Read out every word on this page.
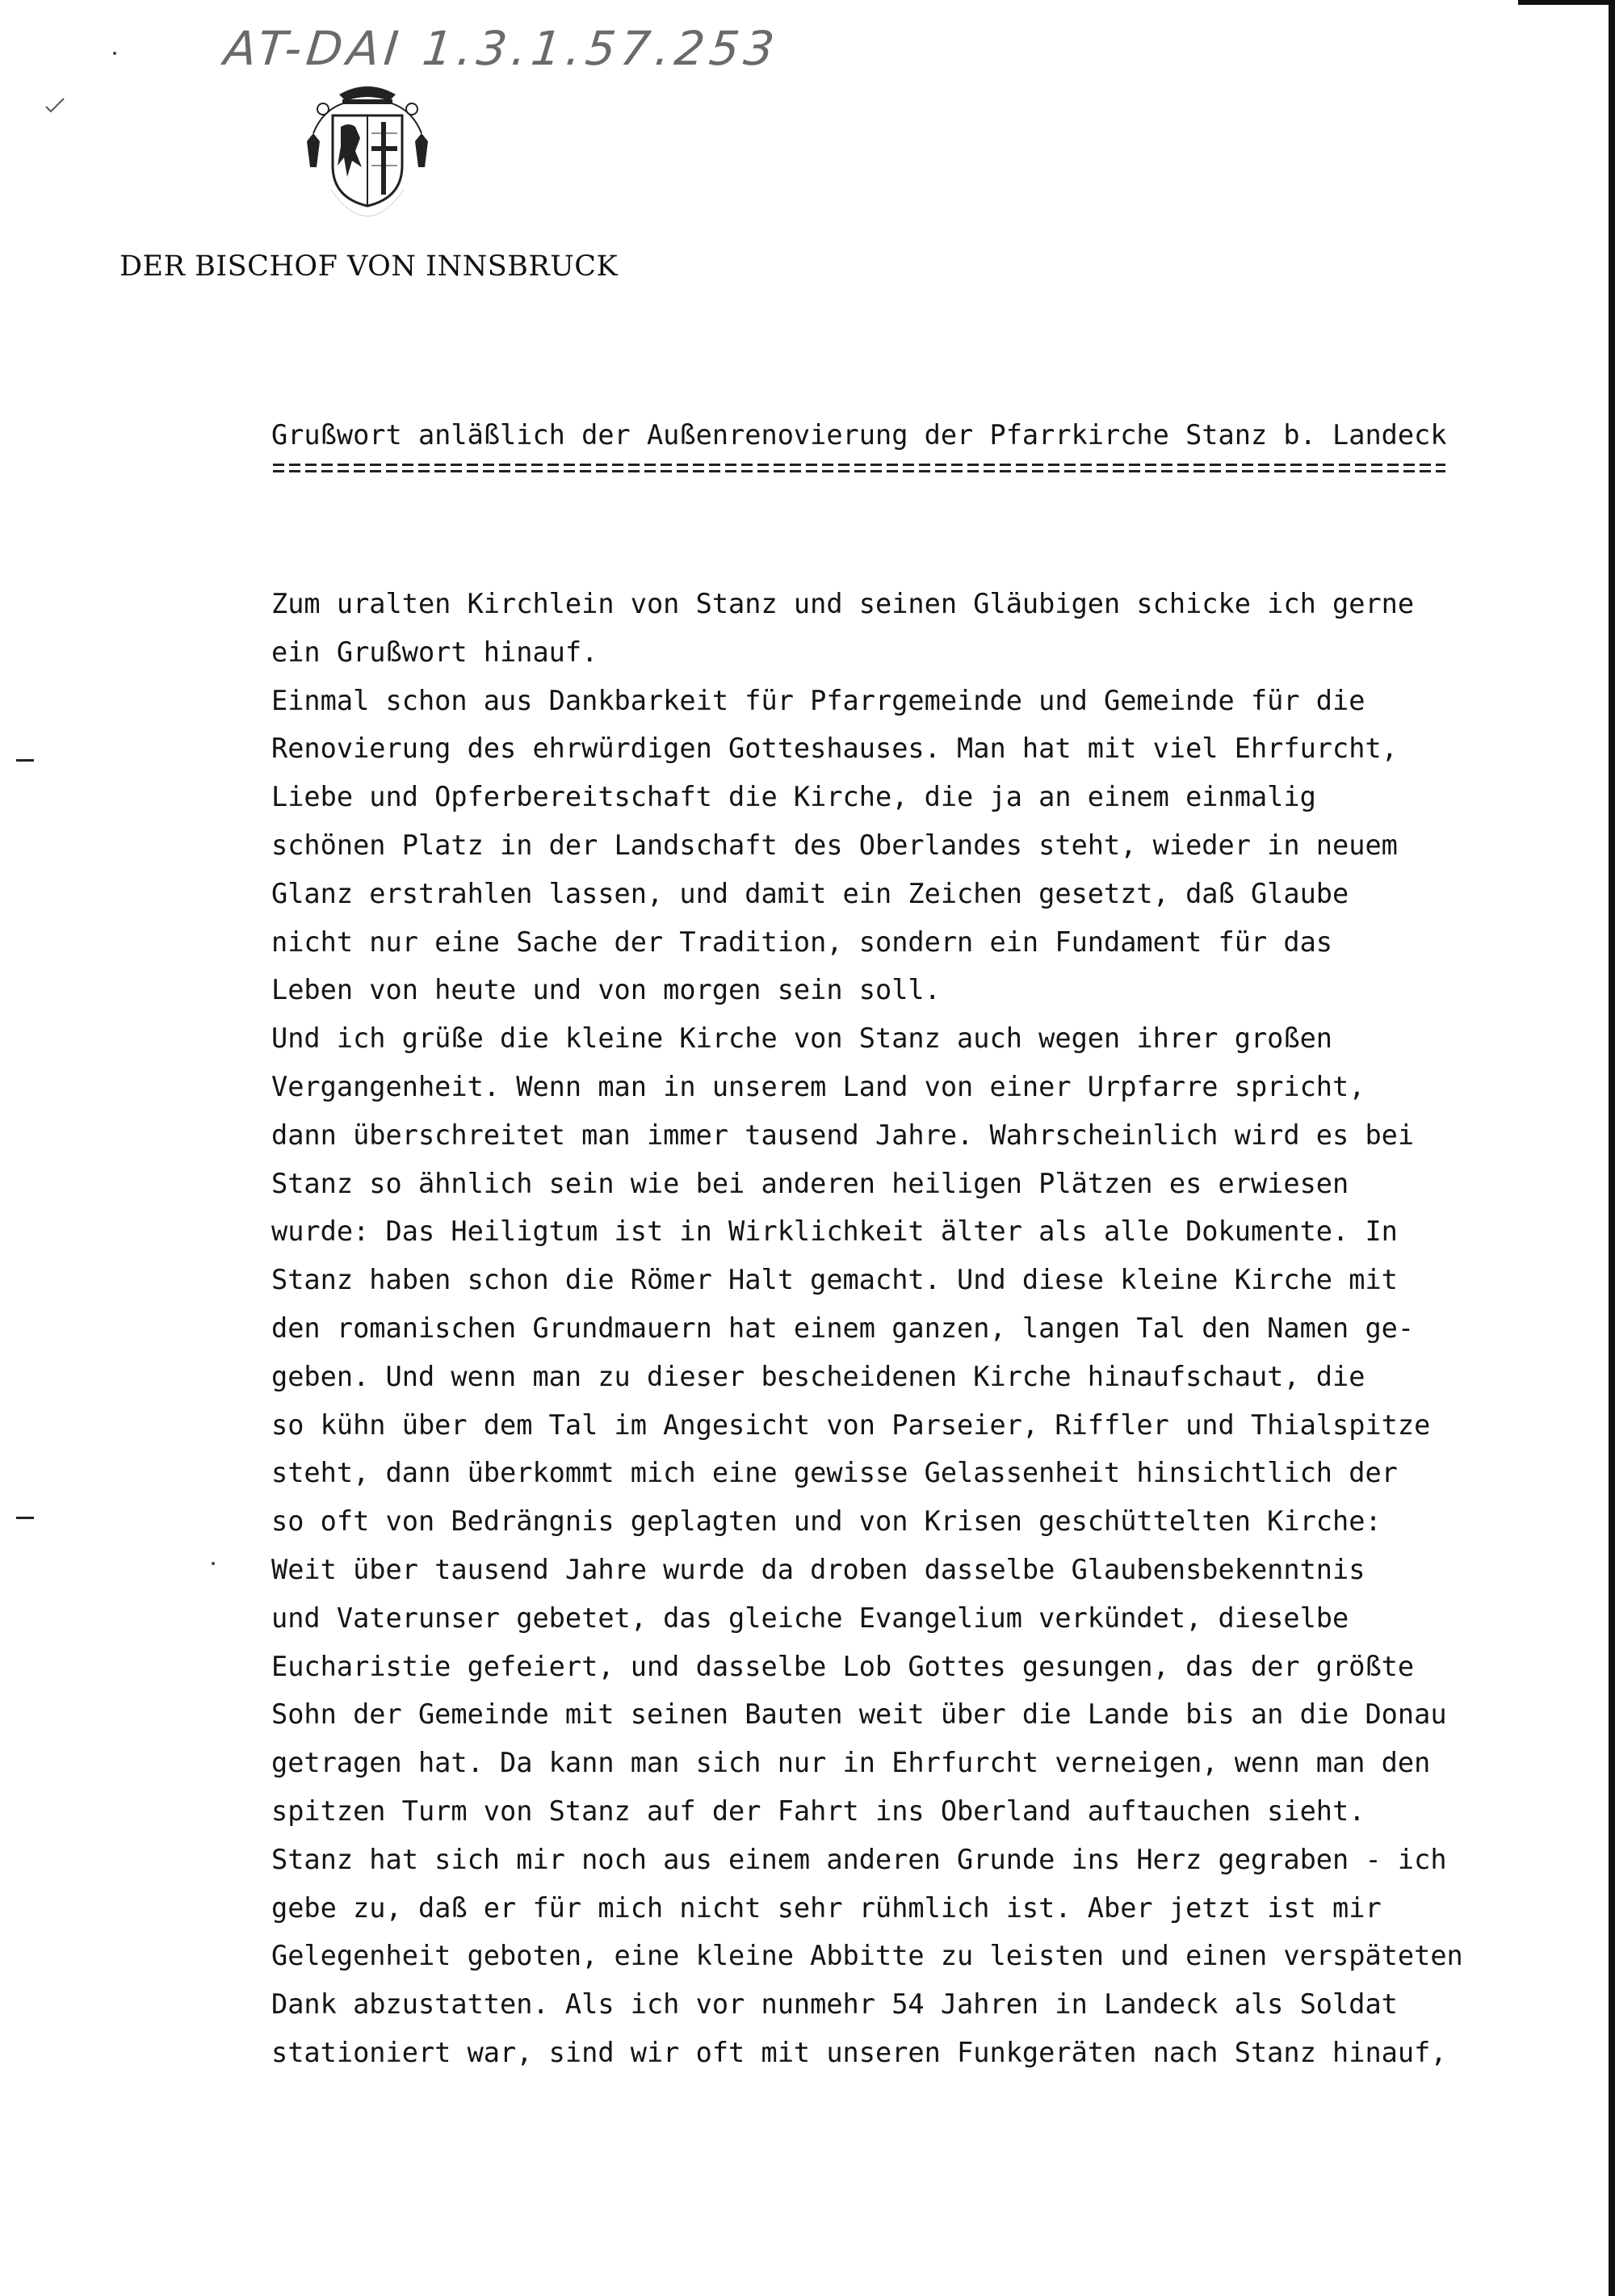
AT-DAI 1.3.1.57.253
DER BISCHOF VON INNSBRUCK
Grußwort anläßlich der Außenrenovierung der Pfarrkirche Stanz b. Landeck
Zum uralten Kirchlein von Stanz und seinen Gläubigen schicke ich gerne
ein Grußwort hinauf.
Einmal schon aus Dankbarkeit für Pfarrgemeinde und Gemeinde für die
Renovierung des ehrwürdigen Gotteshauses. Man hat mit viel Ehrfurcht,
Liebe und Opferbereitschaft die Kirche, die ja an einem einmalig
schönen Platz in der Landschaft des Oberlandes steht, wieder in neuem
Glanz erstrahlen lassen, und damit ein Zeichen gesetzt, daß Glaube
nicht nur eine Sache der Tradition, sondern ein Fundament für das
Leben von heute und von morgen sein soll.
Und ich grüße die kleine Kirche von Stanz auch wegen ihrer großen
Vergangenheit. Wenn man in unserem Land von einer Urpfarre spricht,
dann überschreitet man immer tausend Jahre. Wahrscheinlich wird es bei
Stanz so ähnlich sein wie bei anderen heiligen Plätzen es erwiesen
wurde: Das Heiligtum ist in Wirklichkeit älter als alle Dokumente. In
Stanz haben schon die Römer Halt gemacht. Und diese kleine Kirche mit
den romanischen Grundmauern hat einem ganzen, langen Tal den Namen ge-
geben. Und wenn man zu dieser bescheidenen Kirche hinaufschaut, die
so kühn über dem Tal im Angesicht von Parseier, Riffler und Thialspitze
steht, dann überkommt mich eine gewisse Gelassenheit hinsichtlich der
so oft von Bedrängnis geplagten und von Krisen geschüttelten Kirche:
Weit über tausend Jahre wurde da droben dasselbe Glaubensbekenntnis
und Vaterunser gebetet, das gleiche Evangelium verkündet, dieselbe
Eucharistie gefeiert, und dasselbe Lob Gottes gesungen, das der größte
Sohn der Gemeinde mit seinen Bauten weit über die Lande bis an die Donau
getragen hat. Da kann man sich nur in Ehrfurcht verneigen, wenn man den
spitzen Turm von Stanz auf der Fahrt ins Oberland auftauchen sieht.
Stanz hat sich mir noch aus einem anderen Grunde ins Herz gegraben - ich
gebe zu, daß er für mich nicht sehr rühmlich ist. Aber jetzt ist mir
Gelegenheit geboten, eine kleine Abbitte zu leisten und einen verspäteten
Dank abzustatten. Als ich vor nunmehr 54 Jahren in Landeck als Soldat
stationiert war, sind wir oft mit unseren Funkgeräten nach Stanz hinauf,
